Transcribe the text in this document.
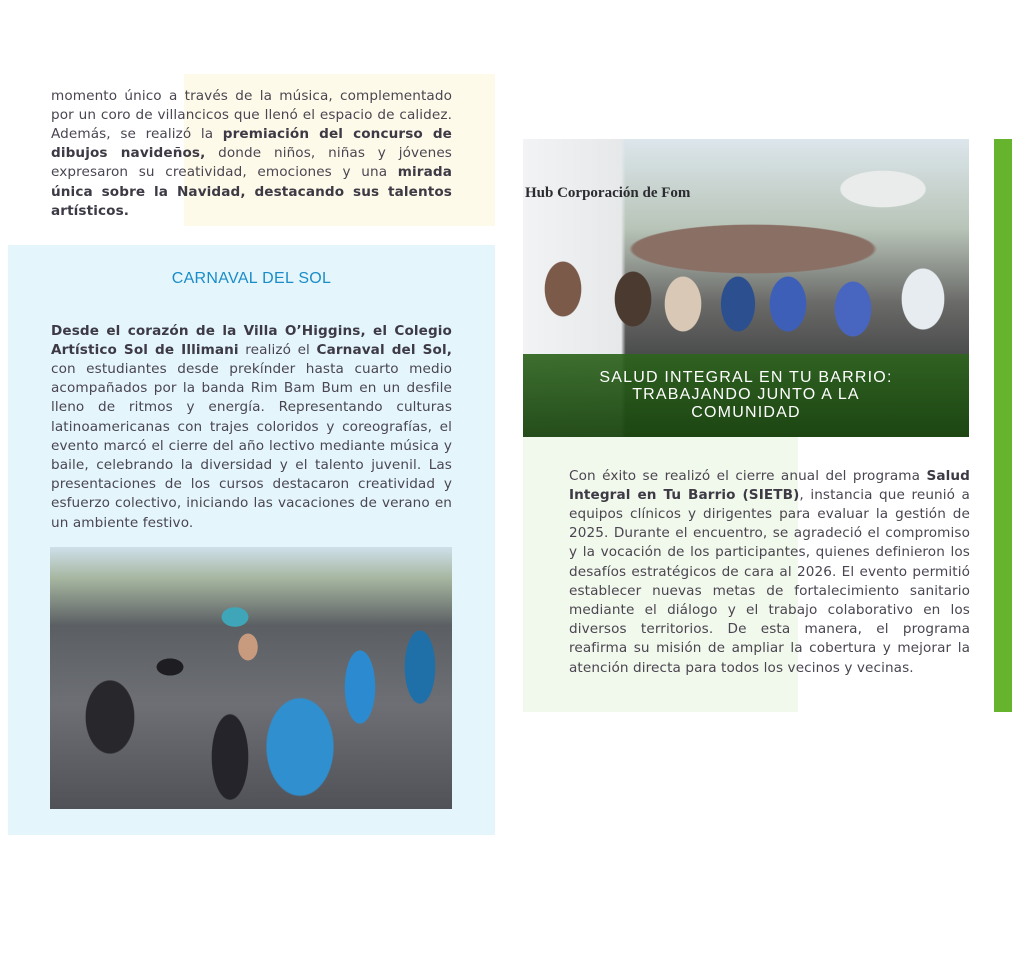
momento único a través de la música, complementado por un coro de villancicos que llenó el espacio de calidez. Además, se realizó la premiación del concurso de dibujos navideños, donde niños, niñas y jóvenes expresaron su creatividad, emociones y una mirada única sobre la Navidad, destacando sus talentos artísticos.

CARNAVAL DEL SOL

Desde el corazón de la Villa O’Higgins, el Colegio Artístico Sol de Illimani realizó el Carnaval del Sol, con estudiantes desde prekínder hasta cuarto medio acompañados por la banda Rim Bam Bum en un desfile lleno de ritmos y energía. Representando culturas latinoamericanas con trajes coloridos y coreografías, el evento marcó el cierre del año lectivo mediante música y baile, celebrando la diversidad y el talento juvenil. Las presentaciones de los cursos destacaron creatividad y esfuerzo colectivo, iniciando las vacaciones de verano en un ambiente festivo.

Hub Corporación de Fom
SALUD INTEGRAL EN TU BARRIO:
TRABAJANDO JUNTO A LA
COMUNIDAD

Con éxito se realizó el cierre anual del programa Salud Integral en Tu Barrio (SIETB), instancia que reunió a equipos clínicos y dirigentes para evaluar la gestión de 2025. Durante el encuentro, se agradeció el compromiso y la vocación de los participantes, quienes definieron los desafíos estratégicos de cara al 2026. El evento permitió establecer nuevas metas de fortalecimiento sanitario mediante el diálogo y el trabajo colaborativo en los diversos territorios. De esta manera, el programa reafirma su misión de ampliar la cobertura y mejorar la atención directa para todos los vecinos y vecinas.
